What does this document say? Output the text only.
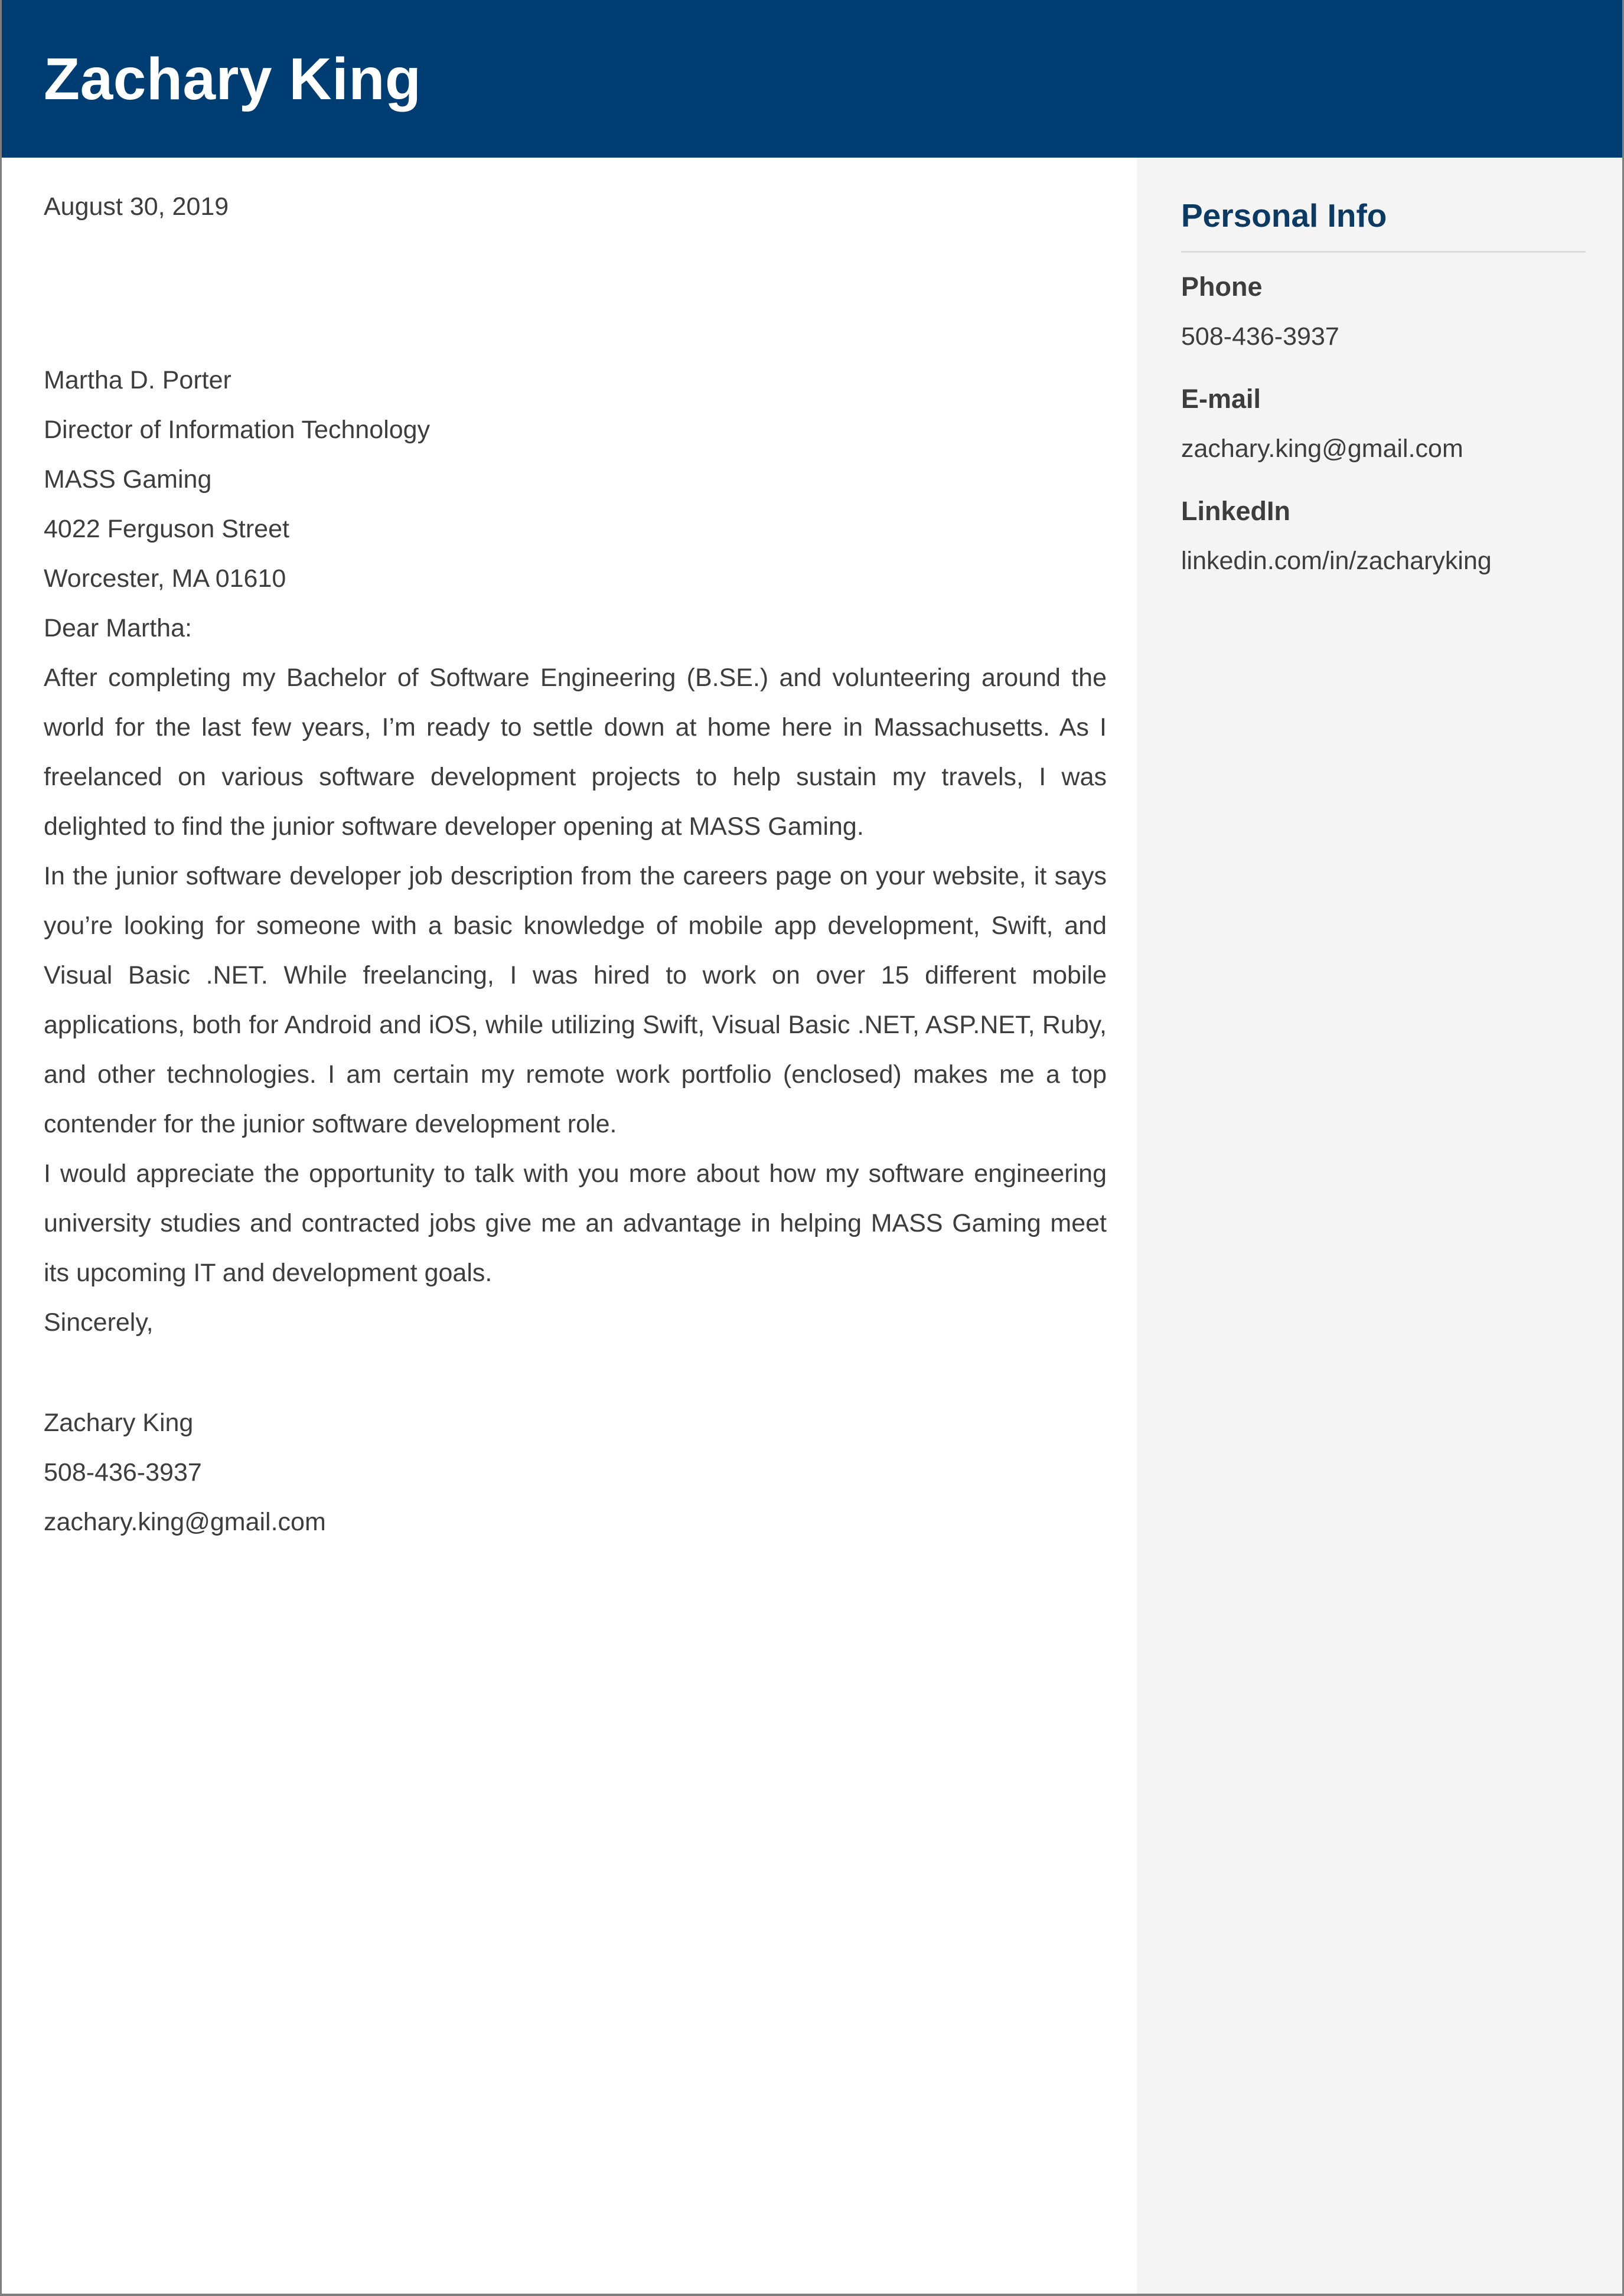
Zachary King

August 30, 2019

Martha D. Porter

Director of Information Technology

MASS Gaming

4022 Ferguson Street

Worcester, MA 01610

Dear Martha:

After completing my Bachelor of Software Engineering (B.SE.) and volunteering around the world for the last few years, I’m ready to settle down at home here in Massachusetts. As I freelanced on various software development projects to help sustain my travels, I was delighted to find the junior software developer opening at MASS Gaming.

In the junior software developer job description from the careers page on your website, it says you’re looking for someone with a basic knowledge of mobile app development, Swift, and Visual Basic .NET. While freelancing, I was hired to work on over 15 different mobile applications, both for Android and iOS, while utilizing Swift, Visual Basic .NET, ASP.NET, Ruby, and other technologies. I am certain my remote work portfolio (enclosed) makes me a top contender for the junior software development role.

I would appreciate the opportunity to talk with you more about how my software engineering university studies and contracted jobs give me an advantage in helping MASS Gaming meet its upcoming IT and development goals.

Sincerely,

Zachary King

508-436-3937

zachary.king@gmail.com

Personal Info

Phone

508-436-3937

E-mail

zachary.king@gmail.com

LinkedIn

linkedin.com/in/zacharyking
